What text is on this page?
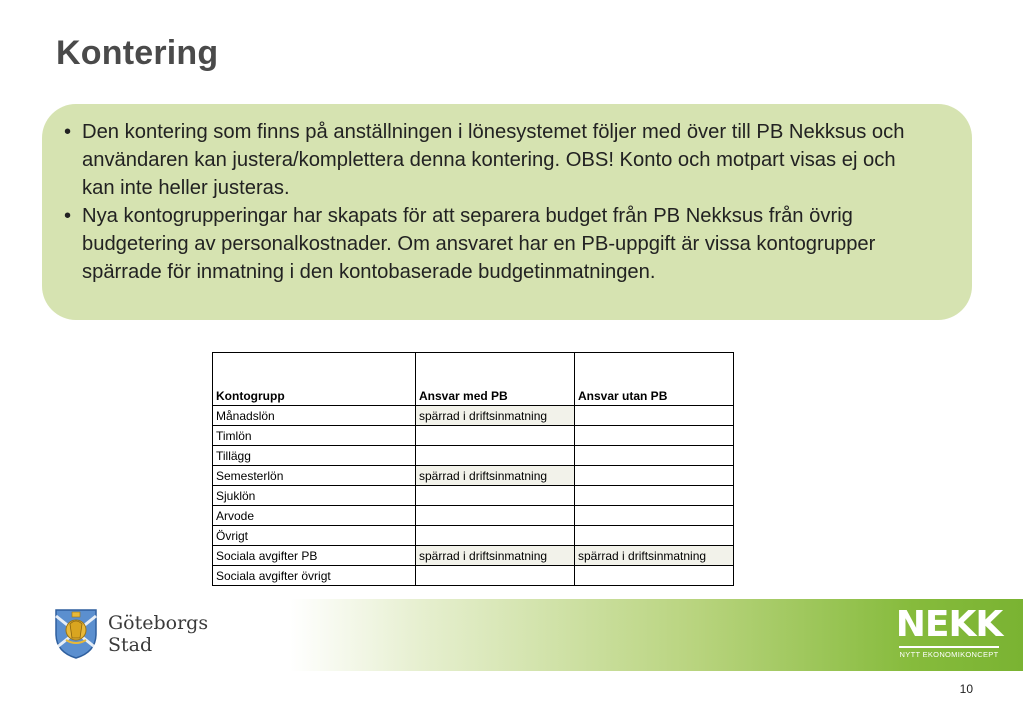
Kontering
• Den kontering som finns på anställningen i lönesystemet följer med över till PB Nekksus och användaren kan justera/komplettera denna kontering. OBS! Konto och motpart visas ej och kan inte heller justeras.
• Nya kontogrupperingar har skapats för att separera budget från PB Nekksus från övrig budgetering av personalkostnader. Om ansvaret har en PB-uppgift är vissa kontogrupper spärrade för inmatning i den kontobaserade budgetinmatningen.
Kontogrupp	Ansvar med PB	Ansvar utan PB
Månadslön	spärrad i driftsinmatning	
Timlön		
Tillägg		
Semesterlön	spärrad i driftsinmatning	
Sjuklön		
Arvode		
Övrigt		
Sociala avgifter PB	spärrad i driftsinmatning	spärrad i driftsinmatning
Sociala avgifter övrigt		
Göteborgs
Stad	NEKK
NYTT EKONOMIKONCEPT
10
